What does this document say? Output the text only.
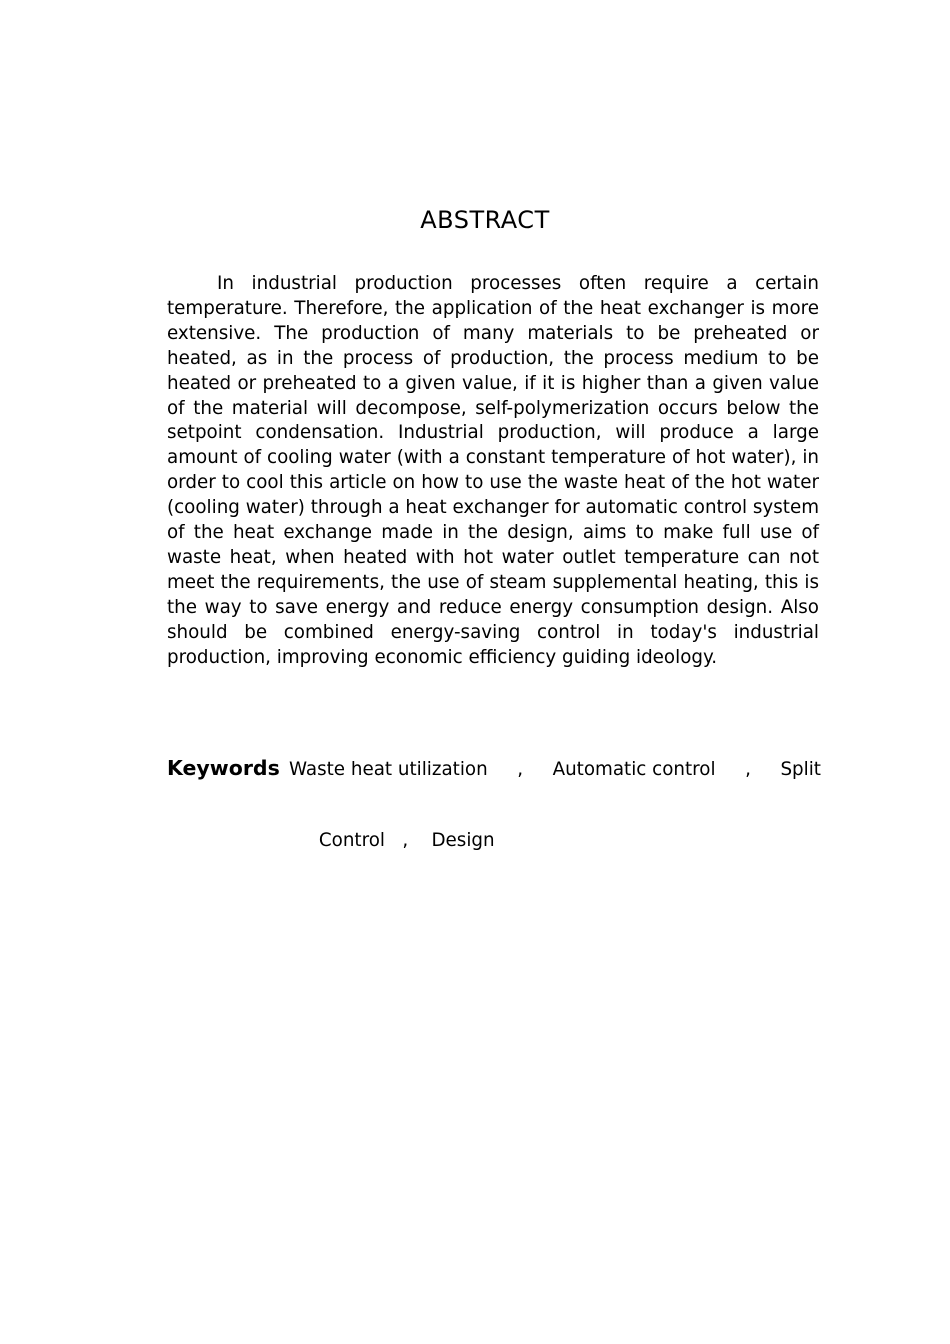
ABSTRACT

In industrial production processes often require a certain temperature. Therefore, the application of the heat exchanger is more extensive. The production of many materials to be preheated or heated, as in the process of production, the process medium to be heated or preheated to a given value, if it is higher than a given value of the material will decompose, self-polymerization occurs below the setpoint condensation. Industrial production, will produce a large amount of cooling water (with a constant temperature of hot water), in order to cool this article on how to use the waste heat of the hot water (cooling water) through a heat exchanger for automatic control system of the heat exchange made in the design, aims to make full use of waste heat, when heated with hot water outlet temperature can not meet the requirements, the use of steam supplemental heating, this is the way to save energy and reduce energy consumption design. Also should be combined energy-saving control in today's industrial production, improving economic efficiency guiding ideology.

Keywords Waste heat utilization , Automatic control , Split

Control , Design
